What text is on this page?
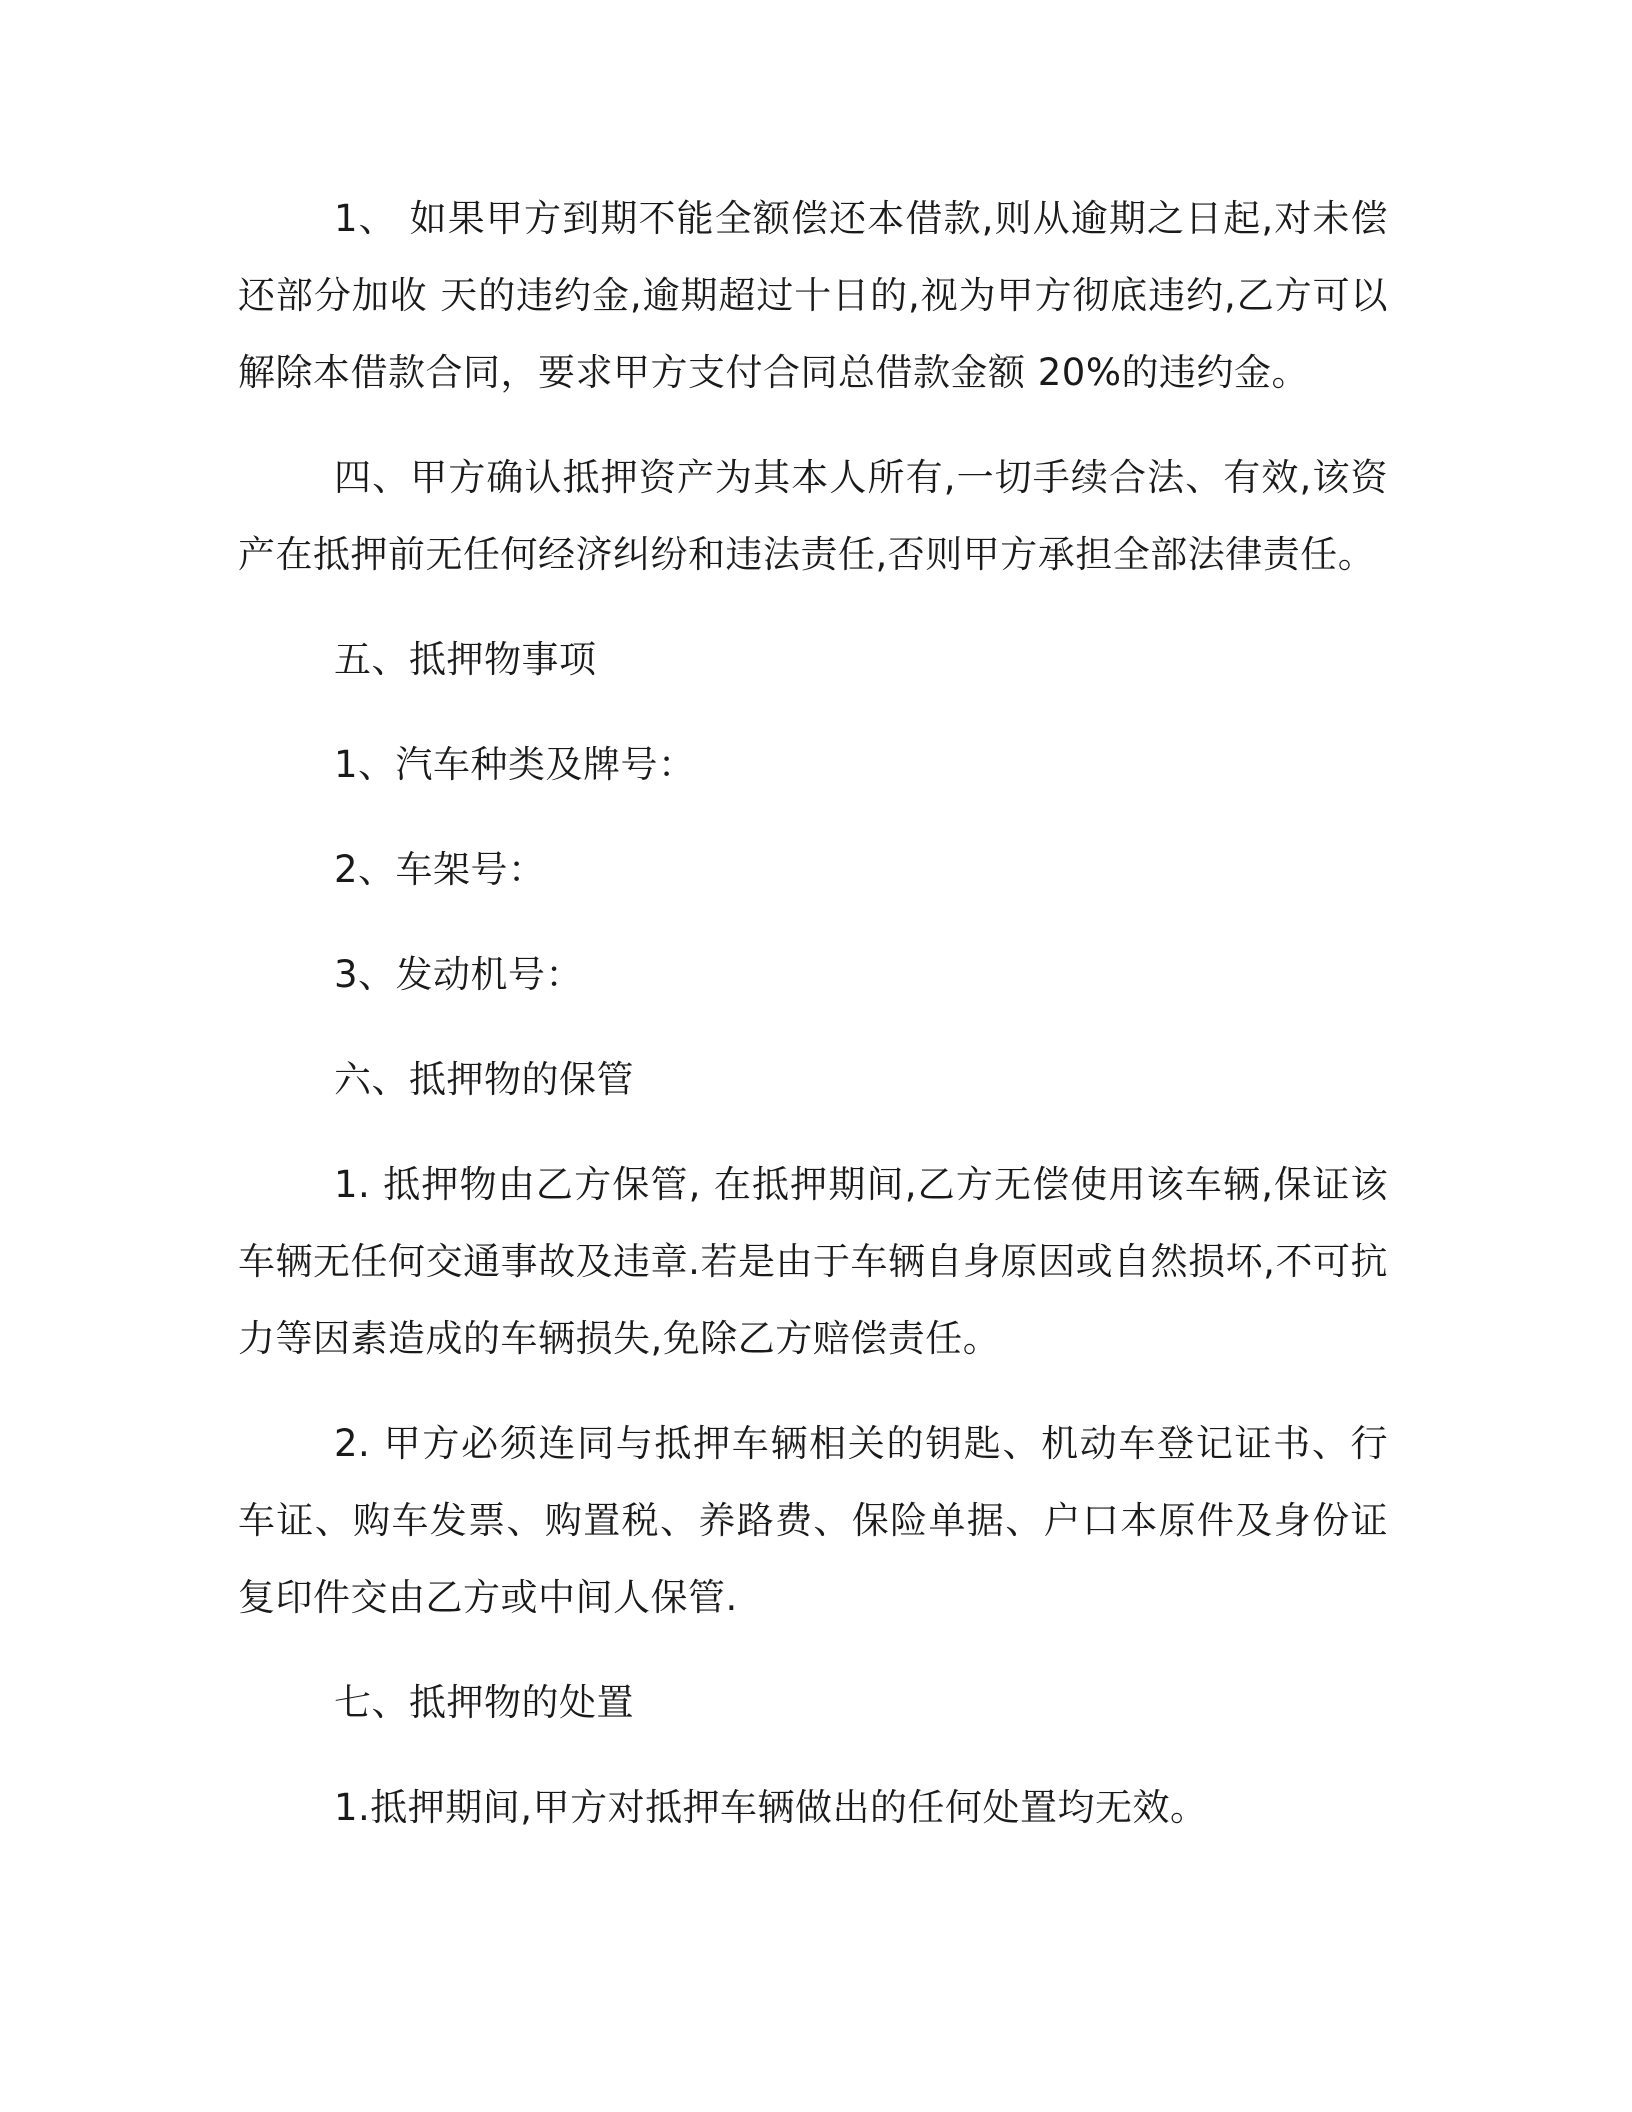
1、 如果甲方到期不能全额偿还本借款,则从逾期之日起,对未偿还部分加收 天的违约金,逾期超过十日的,视为甲方彻底违约,乙方可以解除本借款合同，要求甲方支付合同总借款金额 20%的违约金。

四、甲方确认抵押资产为其本人所有,一切手续合法、有效,该资产在抵押前无任何经济纠纷和违法责任,否则甲方承担全部法律责任。

五、抵押物事项

1、汽车种类及牌号：

2、车架号：

3、发动机号：

六、抵押物的保管

1. 抵押物由乙方保管, 在抵押期间,乙方无偿使用该车辆,保证该车辆无任何交通事故及违章.若是由于车辆自身原因或自然损坏,不可抗力等因素造成的车辆损失,免除乙方赔偿责任。

2. 甲方必须连同与抵押车辆相关的钥匙、机动车登记证书、行车证、购车发票、购置税、养路费、保险单据、户口本原件及身份证复印件交由乙方或中间人保管.

七、抵押物的处置

1.抵押期间,甲方对抵押车辆做出的任何处置均无效。
